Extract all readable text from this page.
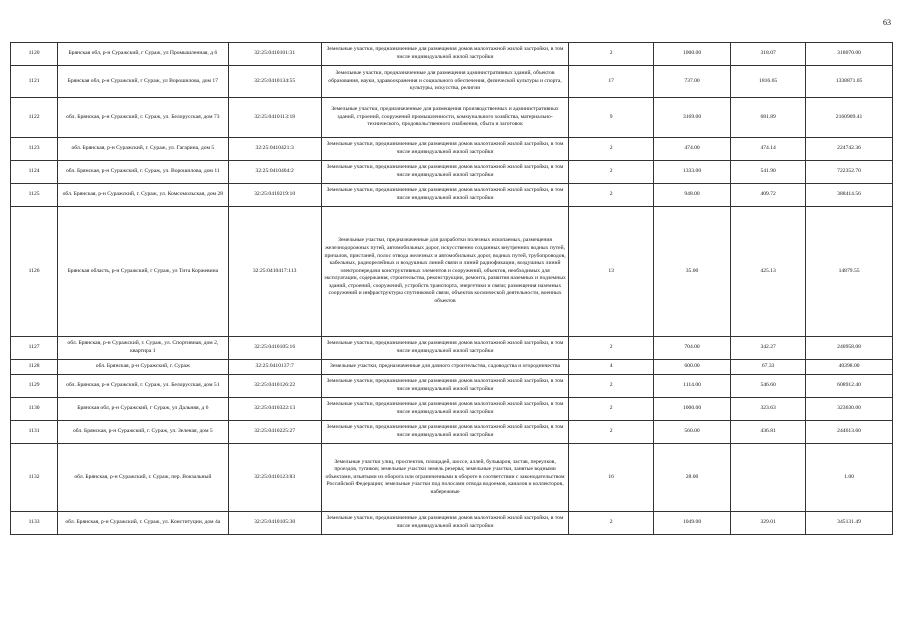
63
1120	Брянская обл, р-н Суражский, г Сураж, ул Промышленная, д 6	32:25:0410101:31	Земельные участки, предназначенные для размещения домов малоэтажной жилой застройки, в том числе индивидуальной жилой застройки	2	1000.00	318.07	318070.00
1121	Брянская обл, р-н Суражский, г Сураж, ул Ворошилова, дом 17	32:25:0410134:55	Земельные участки, предназначенные для размещения административных зданий, объектов образования, науки, здравоохранения и социального обеспечения, физической культуры и спорта, культуры, искусства, религии	17	737.00	1816.65	1338871.05
1122	обл. Брянская, р-н Суражский, г. Сураж, ул. Белорусская, дом 73	32:25:0410113:18	Земельные участки, предназначенные для размещения производственных и административных зданий, строений, сооружений промышленности, коммунального хозяйства, материально-технического, продовольственного снабжения, сбыта и заготовок	9	3169.00	681.89	2160909.41
1123	обл. Брянская, р-н Суражский, г. Сураж, ул. Гагарина, дом 5	32:25:0410421:3	Земельные участки, предназначенные для размещения домов малоэтажной жилой застройки, в том числе индивидуальной жилой застройки	2	474.00	474.14	224742.36
1124	обл. Брянская, р-н Суражский, г. Сураж, ул. Ворошилова, дом 11	32:25:0410404:2	Земельные участки, предназначенные для размещения домов малоэтажной жилой застройки, в том числе индивидуальной жилой застройки	2	1333.00	541.90	722352.70
1125	обл. Брянская, р-н Суражский, г. Сураж, ул. Комсомольская, дом 28	32:25:0410219:10	Земельные участки, предназначенные для размещения домов малоэтажной жилой застройки, в том числе индивидуальной жилой застройки	2	948.00	409.72	388414.56
1126	Брянская область, р-н Суражский, г Сураж, ул Тита Коржевина	32:25:0410417:113	Земельные участки, предназначенные для разработки полезных ископаемых, размещения железнодорожных путей, автомобильных дорог, искусственно созданных внутренних водных путей, причалов, пристаней, полос отвода железных и автомобильных дорог, водных путей, трубопроводов, кабельных, радиорелейных и воздушных линий связи и линий радиофикации, воздушных линий электропередачи конструктивных элементов и сооружений, объектов, необходимых для эксплуатации, содержания, строительства, реконструкции, ремонта, развития наземных и подземных зданий, строений, сооружений, устройств транспорта, энергетики и связи; размещения наземных сооружений и инфраструктуры спутниковой связи, объектов космической деятельности, военных объектов	13	35.00	425.13	14879.55
1127	обл. Брянская, р-н Суражский, г. Сураж, ул. Спортивная, дом 2, квартира 1	32:25:0410105:16	Земельные участки, предназначенные для размещения домов малоэтажной жилой застройки, в том числе индивидуальной жилой застройки	2	704.00	342.27	240958.08
1128	обл. Брянская, р-н Суражский, г. Сураж	32:25:0410137:7	Земельные участки, предназначенные для дачного строительства, садоводства и огородничества	4	600.00	67.33	40398.00
1129	обл. Брянская, р-н Суражский, г. Сураж, ул. Белорусская, дом 51	32:25:0410126:22	Земельные участки, предназначенные для размещения домов малоэтажной жилой застройки, в том числе индивидуальной жилой застройки	2	1114.00	546.60	608912.40
1130	Брянская обл, р-н Суражский, г Сураж, ул Дальняя, д 6	32:25:0410322:13	Земельные участки, предназначенные для размещения домов малоэтажной жилой застройки, в том числе индивидуальной жилой застройки	2	1000.00	323.63	323630.00
1131	обл. Брянская, р-н Суражский, г. Сураж, ул. Зеленая, дом 5	32:25:0410225:27	Земельные участки, предназначенные для размещения домов малоэтажной жилой застройки, в том числе индивидуальной жилой застройки	2	560.00	436.81	244613.60
1132	обл. Брянская, р-н Суражский, г. Сураж, пер. Вокзальный	32:25:0410123:83	Земельные участки улиц, проспектов, площадей, шоссе, аллей, бульваров, застав, переулков, проездов, тупиков; земельные участки земель резерва; земельные участки, занятые водными объектами, изъятыми из оборота или ограниченными в обороте в соответствии с законодательством Российской Федерации; земельные участки под полосами отвода водоемов, каналов и коллекторов, набережные	16	28.00		1.00
1133	обл. Брянская, р-н Суражский, г. Сураж, ул. Конституции, дом 4а	32:25:0410105:30	Земельные участки, предназначенные для размещения домов малоэтажной жилой застройки, в том числе индивидуальной жилой застройки	2	1049.00	329.01	345131.49
